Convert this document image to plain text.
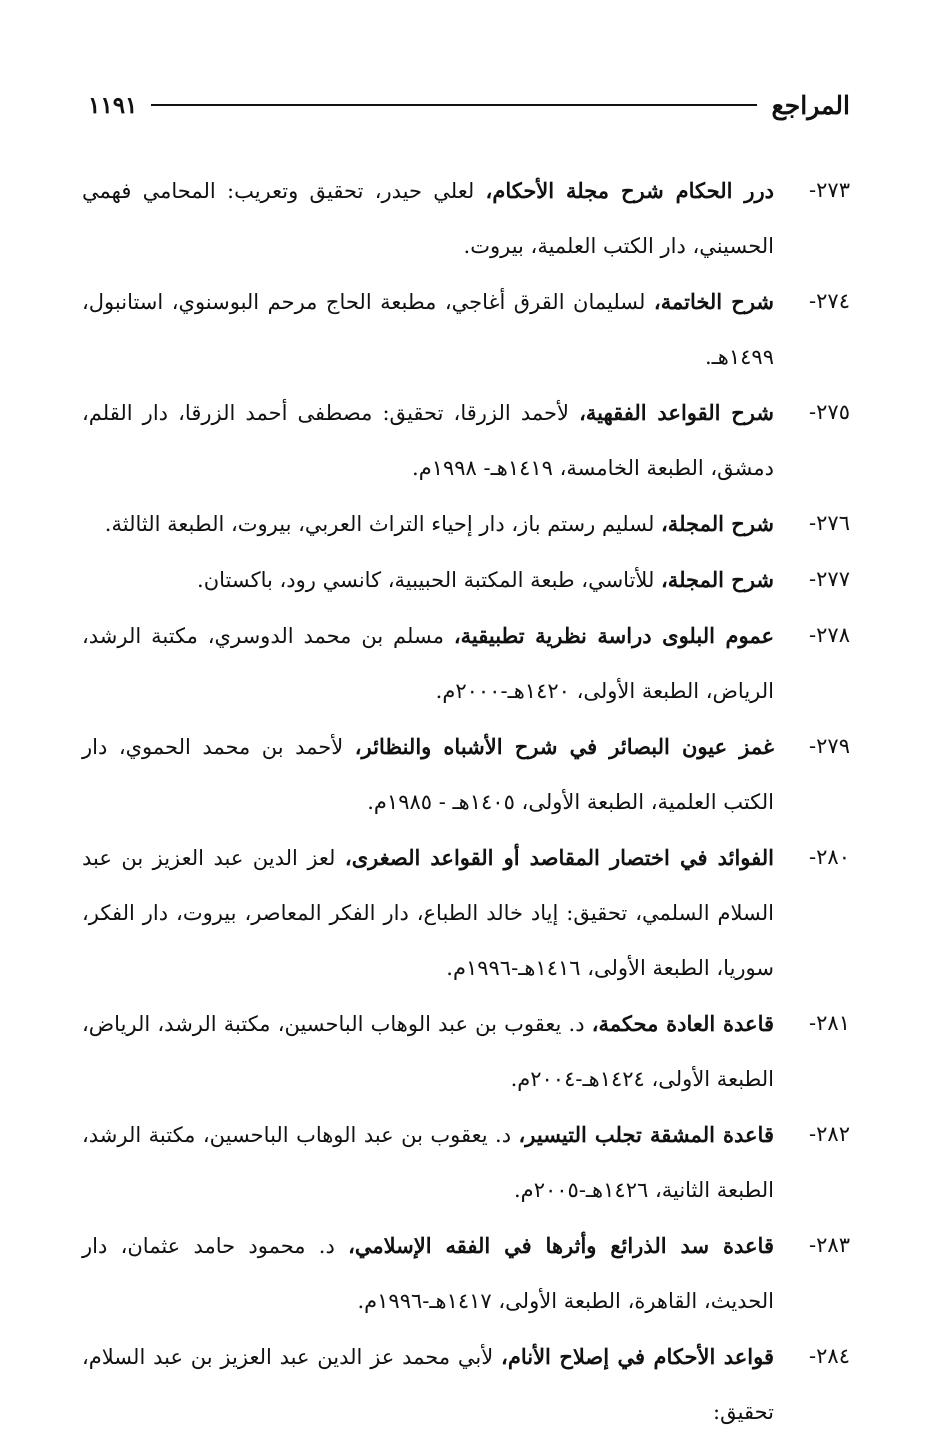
المراجع
١١٩١
٢٧٣-
درر الحكام شرح مجلة الأحكام، لعلي حيدر، تحقيق وتعريب: المحامي فهمي الحسيني، دار الكتب العلمية، بيروت.
٢٧٤-
شرح الخاتمة، لسليمان القرق أغاجي، مطبعة الحاج مرحم البوسنوي، استانبول، ١٤٩٩هـ.
٢٧٥-
شرح القواعد الفقهية، لأحمد الزرقا، تحقيق: مصطفى أحمد الزرقا، دار القلم، دمشق، الطبعة الخامسة، ١٤١٩هـ- ١٩٩٨م.
٢٧٦-
شرح المجلة، لسليم رستم باز، دار إحياء التراث العربي، بيروت، الطبعة الثالثة.
٢٧٧-
شرح المجلة، للأتاسي، طبعة المكتبة الحبيبية، كانسي رود، باكستان.
٢٧٨-
عموم البلوى دراسة نظرية تطبيقية، مسلم بن محمد الدوسري، مكتبة الرشد، الرياض، الطبعة الأولى، ١٤٢٠هـ-٢٠٠٠م.
٢٧٩-
غمز عيون البصائر في شرح الأشباه والنظائر، لأحمد بن محمد الحموي، دار الكتب العلمية، الطبعة الأولى، ١٤٠٥هـ - ١٩٨٥م.
٢٨٠-
الفوائد في اختصار المقاصد أو القواعد الصغرى، لعز الدين عبد العزيز بن عبد السلام السلمي، تحقيق: إياد خالد الطباع، دار الفكر المعاصر، بيروت، دار الفكر، سوريا، الطبعة الأولى، ١٤١٦هـ-١٩٩٦م.
٢٨١-
قاعدة العادة محكمة، د. يعقوب بن عبد الوهاب الباحسين، مكتبة الرشد، الرياض، الطبعة الأولى، ١٤٢٤هـ-٢٠٠٤م.
٢٨٢-
قاعدة المشقة تجلب التيسير، د. يعقوب بن عبد الوهاب الباحسين، مكتبة الرشد، الطبعة الثانية، ١٤٢٦هـ-٢٠٠٥م.
٢٨٣-
قاعدة سد الذرائع وأثرها في الفقه الإسلامي، د. محمود حامد عثمان، دار الحديث، القاهرة، الطبعة الأولى، ١٤١٧هـ-١٩٩٦م.
٢٨٤-
قواعد الأحكام في إصلاح الأنام، لأبي محمد عز الدين عبد العزيز بن عبد السلام، تحقيق:
